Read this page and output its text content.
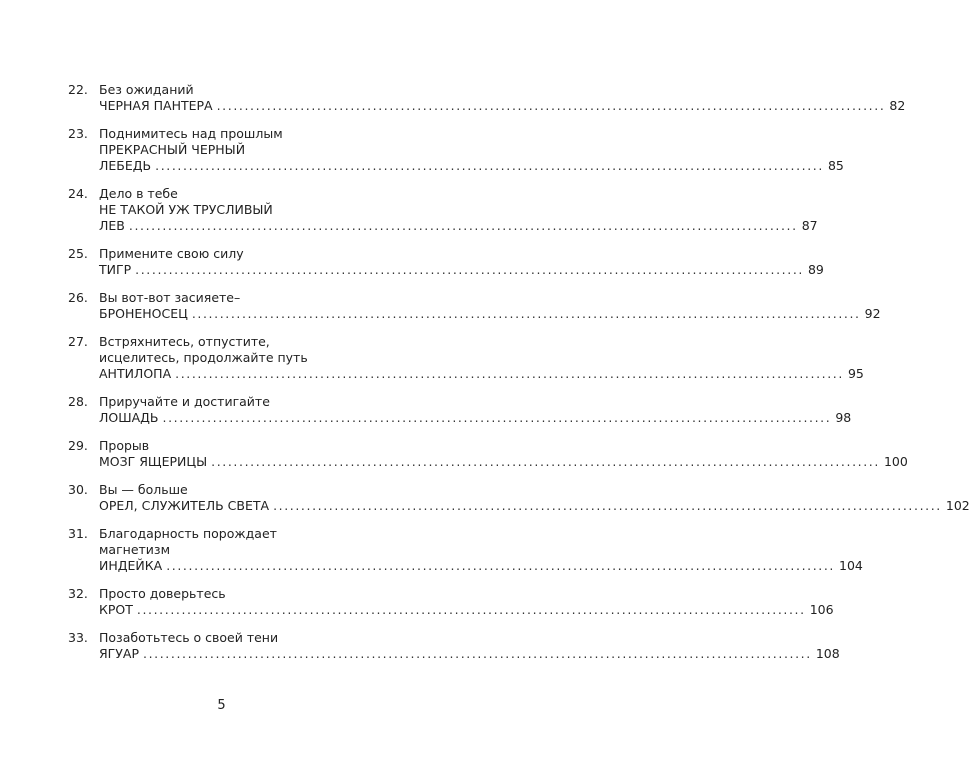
22. Без ожиданий
ЧЕРНАЯ ПАНТЕРА ........................................................................................................................ 82
23. Поднимитесь над прошлым
ПРЕКРАСНЫЙ ЧЕРНЫЙ
ЛЕБЕДЬ ........................................................................................................................ 85
24. Дело в тебе
НЕ ТАКОЙ УЖ ТРУСЛИВЫЙ
ЛЕВ ........................................................................................................................ 87
25. Примените свою силу
ТИГР ........................................................................................................................ 89
26. Вы вот-вот засияете–
БРОНЕНОСЕЦ ........................................................................................................................ 92
27. Встряхнитесь, отпустите,
исцелитесь, продолжайте путь
АНТИЛОПА ........................................................................................................................ 95
28. Приручайте и достигайте
ЛОШАДЬ ........................................................................................................................ 98
29. Прорыв
МОЗГ ЯЩЕРИЦЫ ........................................................................................................................ 100
30. Вы — больше
ОРЕЛ, СЛУЖИТЕЛЬ СВЕТА ........................................................................................................................ 102
31. Благодарность порождает
магнетизм
ИНДЕЙКА ........................................................................................................................ 104
32. Просто доверьтесь
КРОТ ........................................................................................................................ 106
33. Позаботьтесь о своей тени
ЯГУАР ........................................................................................................................ 108
5
